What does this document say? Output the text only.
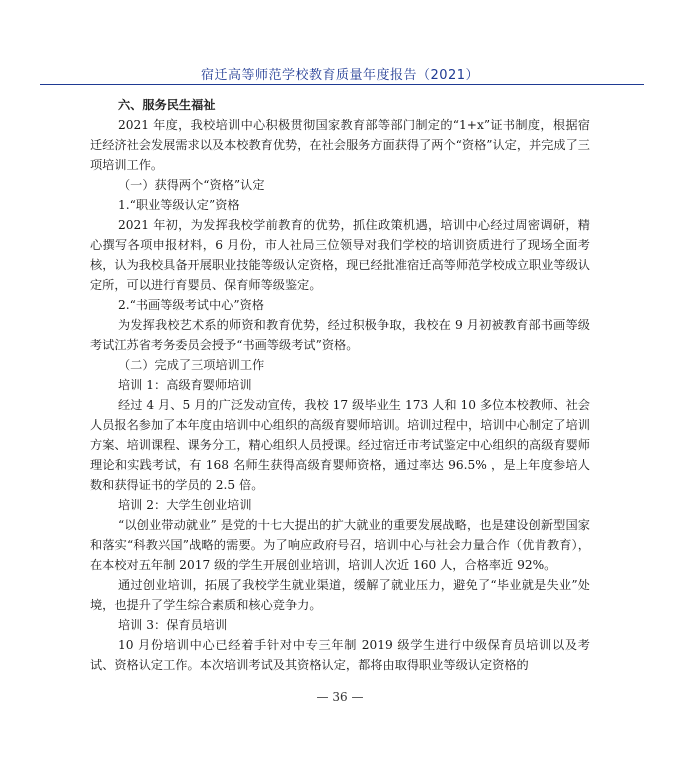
宿迁高等师范学校教育质量年度报告（2021）

六、服务民生福祉

2021 年度，我校培训中心积极贯彻国家教育部等部门制定的“1+x”证书制度，根据宿迁经济社会发展需求以及本校教育优势，在社会服务方面获得了两个“资格”认定，并完成了三项培训工作。

（一）获得两个“资格”认定

1.“职业等级认定”资格

2021 年初，为发挥我校学前教育的优势，抓住政策机遇，培训中心经过周密调研，精心撰写各项申报材料，6 月份，市人社局三位领导对我们学校的培训资质进行了现场全面考核，认为我校具备开展职业技能等级认定资格，现已经批准宿迁高等师范学校成立职业等级认定所，可以进行育婴员、保育师等级鉴定。

2.“书画等级考试中心”资格

为发挥我校艺术系的师资和教育优势，经过积极争取，我校在 9 月初被教育部书画等级考试江苏省考务委员会授予“书画等级考试”资格。

（二）完成了三项培训工作

培训 1：高级育婴师培训

经过 4 月、5 月的广泛发动宣传，我校 17 级毕业生 173 人和 10 多位本校教师、社会人员报名参加了本年度由培训中心组织的高级育婴师培训。培训过程中，培训中心制定了培训方案、培训课程、课务分工，精心组织人员授课。经过宿迁市考试鉴定中心组织的高级育婴师理论和实践考试，有 168 名师生获得高级育婴师资格，通过率达 96.5% ，是上年度参培人数和获得证书的学员的 2.5 倍。

培训 2：大学生创业培训

“以创业带动就业” 是党的十七大提出的扩大就业的重要发展战略，也是建设创新型国家和落实“科教兴国”战略的需要。为了响应政府号召，培训中心与社会力量合作（优肯教育），在本校对五年制 2017 级的学生开展创业培训，培训人次近 160 人，合格率近 92%。

通过创业培训，拓展了我校学生就业渠道，缓解了就业压力，避免了“毕业就是失业”处境，也提升了学生综合素质和核心竞争力。

培训 3：保育员培训

10 月份培训中心已经着手针对中专三年制 2019 级学生进行中级保育员培训以及考试、资格认定工作。本次培训考试及其资格认定，都将由取得职业等级认定资格的

— 36 —
